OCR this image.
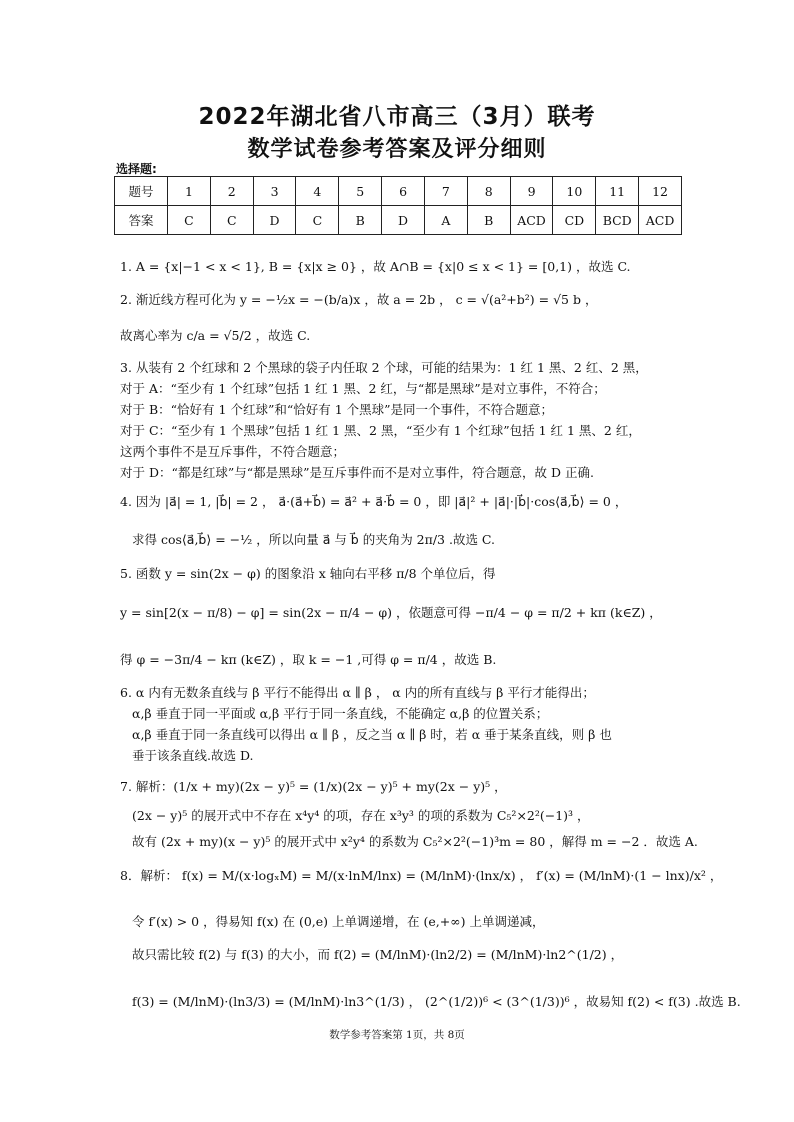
2022年湖北省八市高三（3月）联考
数学试卷参考答案及评分细则
选择题:
题号	1	2	3	4	5	6	7	8	9	10	11	12
答案	C	C	D	C	B	D	A	B	ACD	CD	BCD	ACD
1. A = {x|−1 < x < 1}, B = {x|x ≥ 0} ，故 A∩B = {x|0 ≤ x < 1} = [0,1) ，故选 C.
2. 渐近线方程可化为 y = −½x = −(b/a)x ，故 a = 2b ， c = √(a²+b²) = √5 b ，
故离心率为 c/a = √5/2 ，故选 C.
3. 从装有 2 个红球和 2 个黑球的袋子内任取 2 个球，可能的结果为：1 红 1 黑、2 红、2 黑，
对于 A：“至少有 1 个红球”包括 1 红 1 黑、2 红，与“都是黑球”是对立事件，不符合；
对于 B：“恰好有 1 个红球”和“恰好有 1 个黑球”是同一个事件，不符合题意；
对于 C：“至少有 1 个黑球”包括 1 红 1 黑、2 黑，“至少有 1 个红球”包括 1 红 1 黑、2 红，
这两个事件不是互斥事件，不符合题意；
对于 D：“都是红球”与“都是黑球”是互斥事件而不是对立事件，符合题意，故 D 正确.
4. 因为 |a⃗| = 1, |b⃗| = 2 ， a⃗·(a⃗+b⃗) = a⃗² + a⃗·b⃗ = 0 ，即 |a⃗|² + |a⃗|·|b⃗|·cos⟨a⃗,b⃗⟩ = 0 ，
求得 cos⟨a⃗,b⃗⟩ = −½ ，所以向量 a⃗ 与 b⃗ 的夹角为 2π/3 .故选 C.
5. 函数 y = sin(2x − φ) 的图象沿 x 轴向右平移 π/8 个单位后，得
y = sin[2(x − π/8) − φ] = sin(2x − π/4 − φ) ，依题意可得 −π/4 − φ = π/2 + kπ (k∈Z) ，
得 φ = −3π/4 − kπ (k∈Z) ，取 k = −1 ,可得 φ = π/4 ，故选 B.
6. α 内有无数条直线与 β 平行不能得出 α ∥ β ， α 内的所有直线与 β 平行才能得出；
α,β 垂直于同一平面或 α,β 平行于同一条直线，不能确定 α,β 的位置关系；
α,β 垂直于同一条直线可以得出 α ∥ β ，反之当 α ∥ β 时，若 α 垂于某条直线，则 β 也
垂于该条直线.故选 D.
7. 解析：(1/x + my)(2x − y)⁵ = (1/x)(2x − y)⁵ + my(2x − y)⁵ ，
(2x − y)⁵ 的展开式中不存在 x⁴y⁴ 的项，存在 x³y³ 的项的系数为 C₅²×2²(−1)³ ，
故有 (2x + my)(x − y)⁵ 的展开式中 x²y⁴ 的系数为 C₅²×2²(−1)³m = 80 ，解得 m = −2 ．故选 A.
8．解析： f(x) = M/(x·logₓM) = M/(x·lnM/lnx) = (M/lnM)·(lnx/x) ， f′(x) = (M/lnM)·(1 − lnx)/x² ，
令 f′(x) > 0 ，得易知 f(x) 在 (0,e) 上单调递增，在 (e,+∞) 上单调递减，
故只需比较 f(2) 与 f(3) 的大小，而 f(2) = (M/lnM)·(ln2/2) = (M/lnM)·ln2^(1/2) ，
f(3) = (M/lnM)·(ln3/3) = (M/lnM)·ln3^(1/3) ， (2^(1/2))⁶ < (3^(1/3))⁶ ，故易知 f(2) < f(3) .故选 B.
数学参考答案第 1页，共 8页
